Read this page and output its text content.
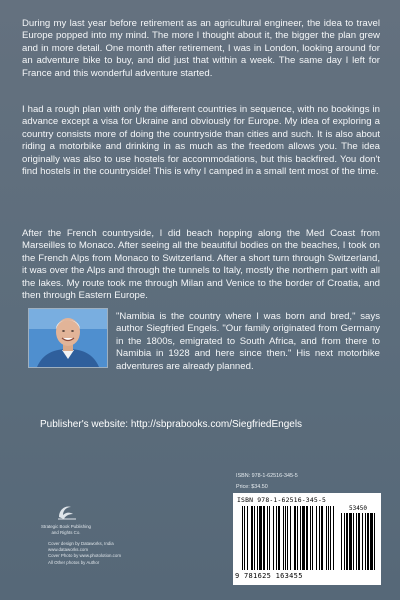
During my last year before retirement as an agricultural engineer, the idea to travel Europe popped into my mind. The more I thought about it, the bigger the plan grew and in more detail. One month after retirement, I was in London, looking around for an adventure bike to buy, and did just that within a week. The same day I left for France and this wonderful adventure started.

I had a rough plan with only the different countries in sequence, with no bookings in advance except a visa for Ukraine and obviously for Europe. My idea of exploring a country consists more of doing the countryside than cities and such. It is also about riding a motorbike and drinking in as much as the freedom allows you. The idea originally was also to use hostels for accommodations, but this backfired. You don't find hostels in the countryside! This is why I camped in a small tent most of the time.

After the French countryside, I did beach hopping along the Med Coast from Marseilles to Monaco. After seeing all the beautiful bodies on the beaches, I took on the French Alps from Monaco to Switzerland. After a short turn through Switzerland, it was over the Alps and through the tunnels to Italy, mostly the northern part with all the lakes. My route took me through Milan and Venice to the border of Croatia, and then through Eastern Europe.

"Namibia is the country where I was born and bred," says author Siegfried Engels. "Our family originated from Germany in the 1800s, emigrated to South Africa, and from there to Namibia in 1928 and here since then." His next motorbike adventures are already planned.

Publisher's website: http://sbprabooks.com/SiegfriedEngels

Strategic Book Publishing and Rights Co.
Cover design by Dataworks, India
www.dataworks.com
Cover Photo by www.photolotion.com
All Other photos by Author

ISBN: 978-1-62516-345-5

Price: $34.50

ISBN 978-1-62516-345-5
53450
9 781625 163455
